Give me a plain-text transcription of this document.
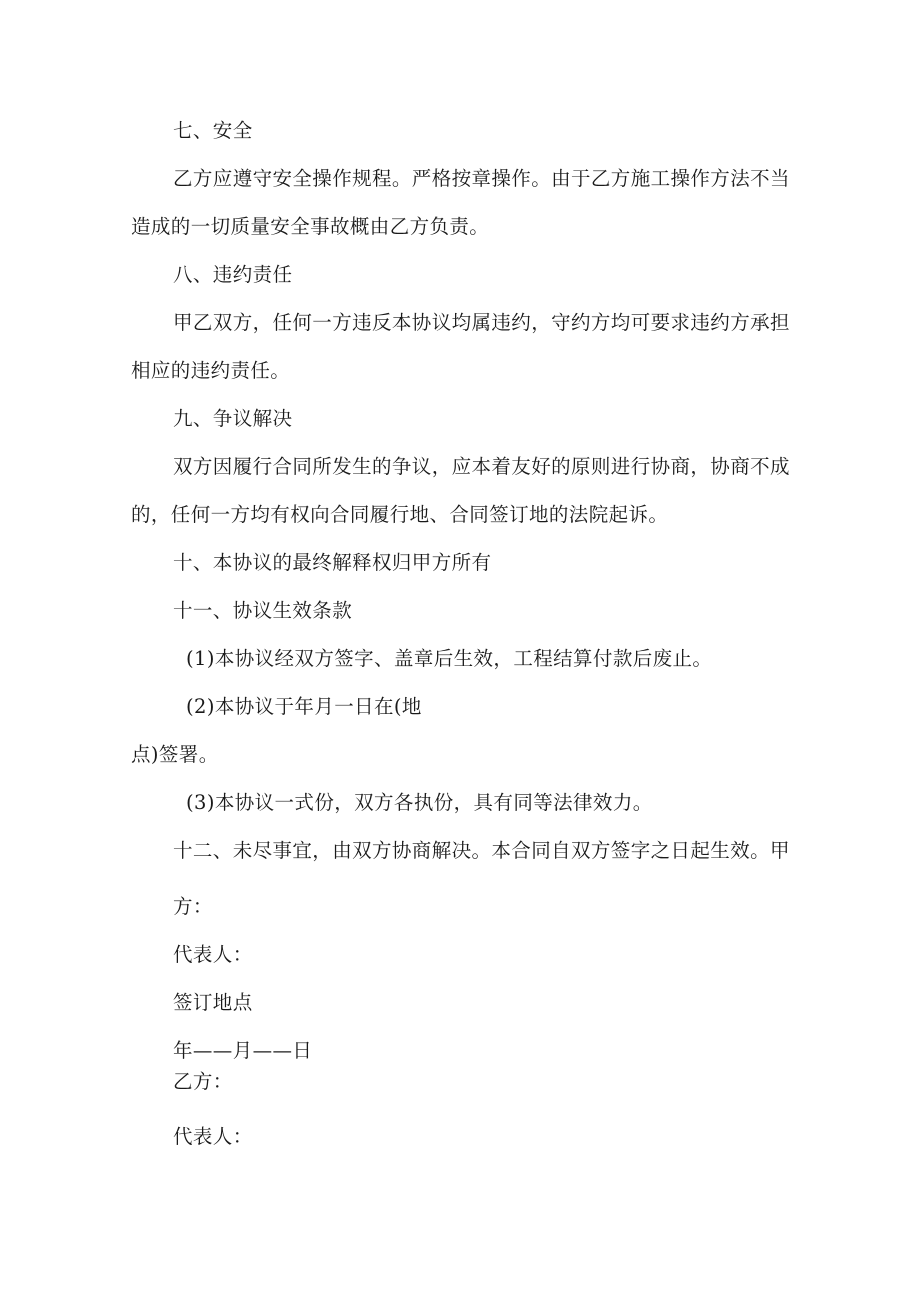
七、安全
乙方应遵守安全操作规程。严格按章操作。由于乙方施工操作方法不当
造成的一切质量安全事故概由乙方负责。
八、违约责任
甲乙双方，任何一方违反本协议均属违约，守约方均可要求违约方承担
相应的违约责任。
九、争议解决
双方因履行合同所发生的争议，应本着友好的原则进行协商，协商不成
的，任何一方均有权向合同履行地、合同签订地的法院起诉。
十、本协议的最终解释权归甲方所有
十一、协议生效条款
(1)本协议经双方签字、盖章后生效，工程结算付款后废止。
(2)本协议于年月一日在(地
点)签署。
(3)本协议一式份，双方各执份，具有同等法律效力。
十二、未尽事宜，由双方协商解决。本合同自双方签字之日起生效。甲
方：
代表人：
签订地点
年——月——日
乙方：
代表人：
